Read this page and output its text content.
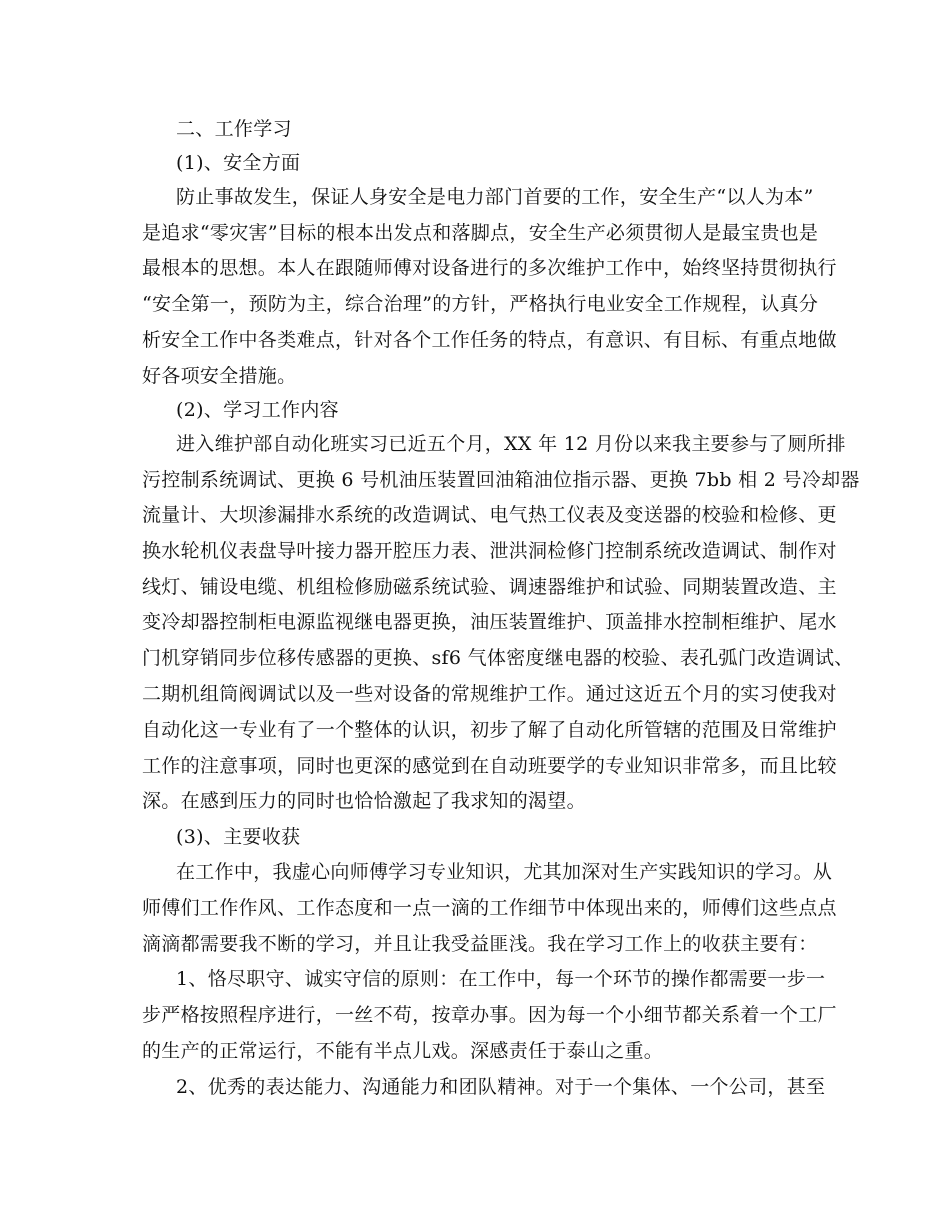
二、工作学习
(1)、安全方面
防止事故发生，保证人身安全是电力部门首要的工作，安全生产“以人为本”
是追求“零灾害”目标的根本出发点和落脚点，安全生产必须贯彻人是最宝贵也是
最根本的思想。本人在跟随师傅对设备进行的多次维护工作中，始终坚持贯彻执行
“安全第一，预防为主，综合治理”的方针，严格执行电业安全工作规程，认真分
析安全工作中各类难点，针对各个工作任务的特点，有意识、有目标、有重点地做
好各项安全措施。
(2)、学习工作内容
进入维护部自动化班实习已近五个月，XX 年 12 月份以来我主要参与了厕所排
污控制系统调试、更换 6 号机油压装置回油箱油位指示器、更换 7bb 相 2 号冷却器
流量计、大坝渗漏排水系统的改造调试、电气热工仪表及变送器的校验和检修、更
换水轮机仪表盘导叶接力器开腔压力表、泄洪洞检修门控制系统改造调试、制作对
线灯、铺设电缆、机组检修励磁系统试验、调速器维护和试验、同期装置改造、主
变冷却器控制柜电源监视继电器更换，油压装置维护、顶盖排水控制柜维护、尾水
门机穿销同步位移传感器的更换、sf6 气体密度继电器的校验、表孔弧门改造调试、
二期机组筒阀调试以及一些对设备的常规维护工作。通过这近五个月的实习使我对
自动化这一专业有了一个整体的认识，初步了解了自动化所管辖的范围及日常维护
工作的注意事项，同时也更深的感觉到在自动班要学的专业知识非常多，而且比较
深。在感到压力的同时也恰恰激起了我求知的渴望。
(3)、主要收获
在工作中，我虚心向师傅学习专业知识，尤其加深对生产实践知识的学习。从
师傅们工作作风、工作态度和一点一滴的工作细节中体现出来的，师傅们这些点点
滴滴都需要我不断的学习，并且让我受益匪浅。我在学习工作上的收获主要有：
1、恪尽职守、诚实守信的原则：在工作中，每一个环节的操作都需要一步一
步严格按照程序进行，一丝不苟，按章办事。因为每一个小细节都关系着一个工厂
的生产的正常运行，不能有半点儿戏。深感责任于泰山之重。
2、优秀的表达能力、沟通能力和团队精神。对于一个集体、一个公司，甚至
